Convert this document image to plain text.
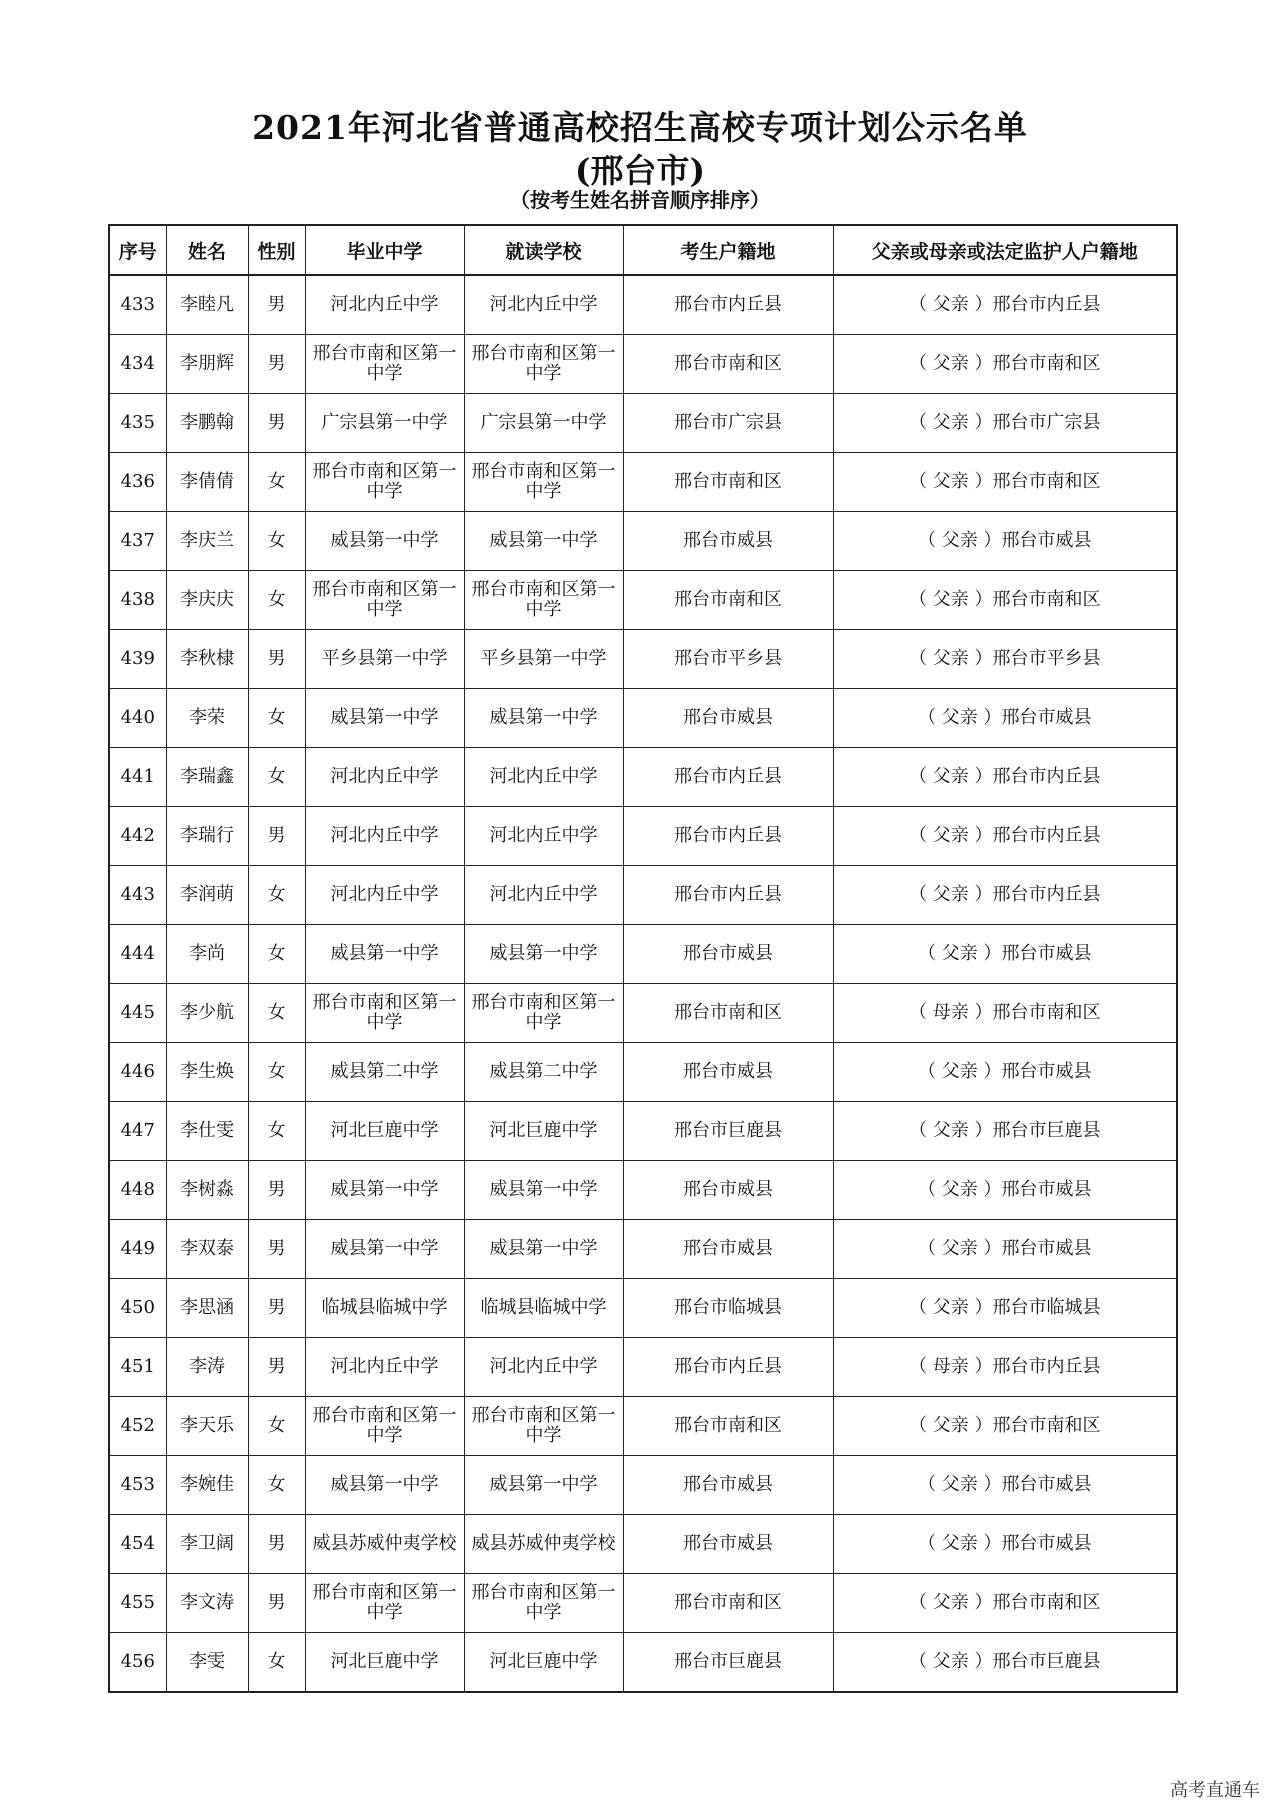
2021年河北省普通高校招生高校专项计划公示名单
(邢台市)
（按考生姓名拼音顺序排序）
序号	姓名	性别	毕业中学	就读学校	考生户籍地	父亲或母亲或法定监护人户籍地
433	李睦凡	男	河北内丘中学	河北内丘中学	邢台市内丘县	（ 父亲 ）邢台市内丘县
434	李朋辉	男	邢台市南和区第一中学	邢台市南和区第一中学	邢台市南和区	（ 父亲 ）邢台市南和区
435	李鹏翰	男	广宗县第一中学	广宗县第一中学	邢台市广宗县	（ 父亲 ）邢台市广宗县
436	李倩倩	女	邢台市南和区第一中学	邢台市南和区第一中学	邢台市南和区	（ 父亲 ）邢台市南和区
437	李庆兰	女	威县第一中学	威县第一中学	邢台市威县	（ 父亲 ）邢台市威县
438	李庆庆	女	邢台市南和区第一中学	邢台市南和区第一中学	邢台市南和区	（ 父亲 ）邢台市南和区
439	李秋棣	男	平乡县第一中学	平乡县第一中学	邢台市平乡县	（ 父亲 ）邢台市平乡县
440	李荣	女	威县第一中学	威县第一中学	邢台市威县	（ 父亲 ）邢台市威县
441	李瑞鑫	女	河北内丘中学	河北内丘中学	邢台市内丘县	（ 父亲 ）邢台市内丘县
442	李瑞行	男	河北内丘中学	河北内丘中学	邢台市内丘县	（ 父亲 ）邢台市内丘县
443	李润萌	女	河北内丘中学	河北内丘中学	邢台市内丘县	（ 父亲 ）邢台市内丘县
444	李尚	女	威县第一中学	威县第一中学	邢台市威县	（ 父亲 ）邢台市威县
445	李少航	女	邢台市南和区第一中学	邢台市南和区第一中学	邢台市南和区	（ 母亲 ）邢台市南和区
446	李生焕	女	威县第二中学	威县第二中学	邢台市威县	（ 父亲 ）邢台市威县
447	李仕雯	女	河北巨鹿中学	河北巨鹿中学	邢台市巨鹿县	（ 父亲 ）邢台市巨鹿县
448	李树淼	男	威县第一中学	威县第一中学	邢台市威县	（ 父亲 ）邢台市威县
449	李双泰	男	威县第一中学	威县第一中学	邢台市威县	（ 父亲 ）邢台市威县
450	李思涵	男	临城县临城中学	临城县临城中学	邢台市临城县	（ 父亲 ）邢台市临城县
451	李涛	男	河北内丘中学	河北内丘中学	邢台市内丘县	（ 母亲 ）邢台市内丘县
452	李天乐	女	邢台市南和区第一中学	邢台市南和区第一中学	邢台市南和区	（ 父亲 ）邢台市南和区
453	李婉佳	女	威县第一中学	威县第一中学	邢台市威县	（ 父亲 ）邢台市威县
454	李卫阔	男	威县苏威仲夷学校	威县苏威仲夷学校	邢台市威县	（ 父亲 ）邢台市威县
455	李文涛	男	邢台市南和区第一中学	邢台市南和区第一中学	邢台市南和区	（ 父亲 ）邢台市南和区
456	李雯	女	河北巨鹿中学	河北巨鹿中学	邢台市巨鹿县	（ 父亲 ）邢台市巨鹿县
高考直通车
